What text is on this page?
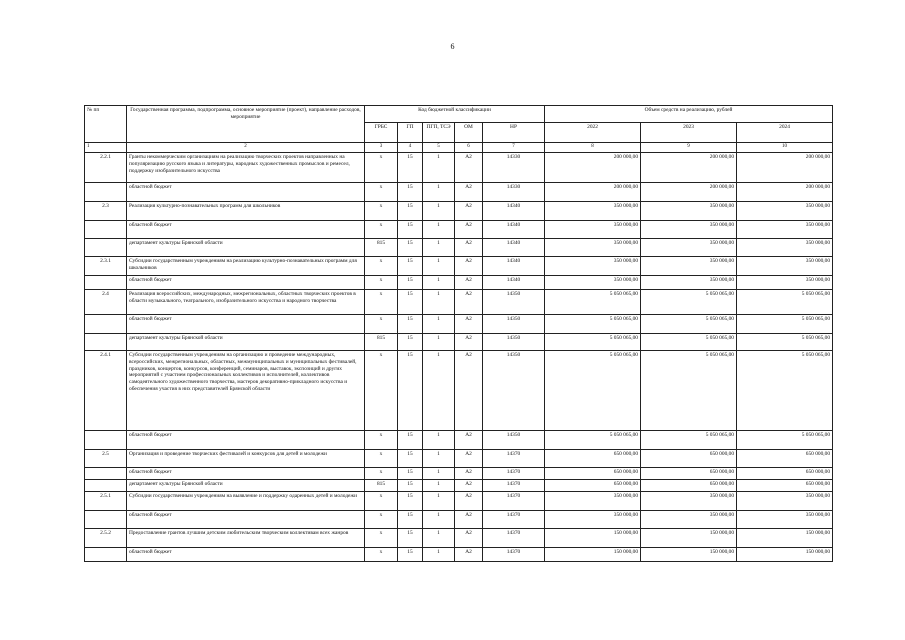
6
№ пп	Государственная программа, подпрограмма, основное мероприятие (проект), направление расходов, мероприятие	Код бюджетной классификации					Объем средств на реализацию, рублей		
		ГРБС	ГП	ПГП, ТСЭ	ОМ	НР	2022	2023	2024
1	2	3	4	5	6	7	8	9	10
2.2.1	Гранты некоммерческим организациям на реализацию творческих проектов направленных на популяризацию русского языка и литературы, народных художественных промыслов и ремесел, поддержку изобразительного искусства	х	15	1	А2	14330	200 000,00	200 000,00	200 000,00
	областной бюджет	х	15	1	А2	14330	200 000,00	200 000,00	200 000,00
2.3	Реализация культурно-познавательных программ для школьников	х	15	1	А2	14340	350 000,00	350 000,00	350 000,00
	областной бюджет	х	15	1	А2	14340	350 000,00	350 000,00	350 000,00
	департамент культуры Брянской области	815	15	1	А2	14340	350 000,00	350 000,00	350 000,00
2.3.1	Субсидии государственным учреждениям на реализацию культурно-познавательных программ для школьников	х	15	1	А2	14340	350 000,00	350 000,00	350 000,00
	областной бюджет	х	15	1	А2	14340	350 000,00	350 000,00	350 000,00
2.4	Реализация всероссийских, международных, межрегиональных, областных творческих проектов в области музыкального, театрального, изобразительного искусства и народного творчества	х	15	1	А2	14350	5 050 065,00	5 050 065,00	5 050 065,00
	областной бюджет	х	15	1	А2	14350	5 050 065,00	5 050 065,00	5 050 065,00
	департамент культуры Брянской области	815	15	1	А2	14350	5 050 065,00	5 050 065,00	5 050 065,00
2.4.1	Субсидии государственным учреждениям на организацию и проведение международных, всероссийских, межрегиональных, областных, межмуниципальных и муниципальных фестивалей, праздников, концертов, конкурсов, конференций, семинаров, выставок, экспозиций и других мероприятий с участием профессиональных коллективов и исполнителей, коллективов самодеятельного художественного творчества, мастеров декоративно-прикладного искусства и обеспечения участия в них представителей Брянской области	х	15	1	А2	14350	5 050 065,00	5 050 065,00	5 050 065,00
	областной бюджет	х	15	1	А2	14350	5 050 065,00	5 050 065,00	5 050 065,00
2.5	Организация и проведение творческих фестивалей и конкурсов для детей и молодежи	х	15	1	А2	14370	650 000,00	650 000,00	650 000,00
	областной бюджет	х	15	1	А2	14370	650 000,00	650 000,00	650 000,00
	департамент культуры Брянской области	815	15	1	А2	14370	650 000,00	650 000,00	650 000,00
2.5.1	Субсидии государственным учреждениям на выявление и поддержку одаренных детей и молодежи	х	15	1	А2	14370	350 000,00	350 000,00	350 000,00
	областной бюджет	х	15	1	А2	14370	350 000,00	350 000,00	350 000,00
2.5.2	Предоставление грантов лучшим детским любительским творческим коллективам всех жанров	х	15	1	А2	14370	150 000,00	150 000,00	150 000,00
	областной бюджет	х	15	1	А2	14370	150 000,00	150 000,00	150 000,00
